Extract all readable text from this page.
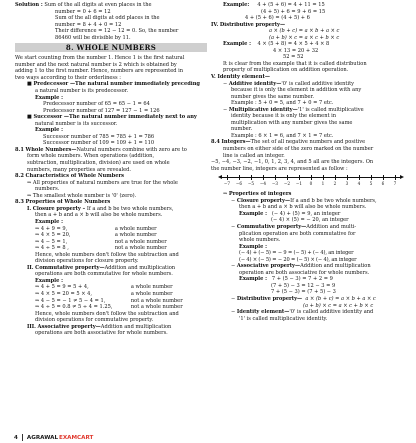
Solution : Sum of the all digits at even places in the
number = 0 + 6 = 12
Sum of the all digits at odd places in the
number = 8 + 4 + 0 = 12
Their difference = 12 − 12 = 0. So, the number
86460 will be divisible by 11.
8. WHOLE NUMBERS
We start counting from the number 1. Hence 1 is the first natural
number and the next natural number is 2 which is obtained by
adding 1 to the first number. Hence, numbers are represented in
two ways according to their orderliness :
■ Predecessor —The natural number immediately preceding
a natural number is its predecessor.
Example :
Predecessor number of 65 = 65 − 1 = 64
Predecessor number of 127 = 127 − 1 = 126
■ Successor —The natural number immediately next to any
natural number is its successor.
Example :
Successor number of 785 = 785 + 1 = 786
Successor number of 109 = 109 + 1 = 110
8.1 Whole Numbers—Natural numbers combine with zero are to
form whole numbers. When operations (addition,
subtraction, multiplication, division) are used on whole
numbers, many properties are revealed.
8.2 Characteristics of Whole Numbers
⇒ All properties of natural numbers are true for the whole
numbers.
⇒ The smallest whole number is '0' (zero).
8.3 Properties of Whole Numbers
I. Closure property – If a and b be two whole numbers,
then a + b and a × b will also be whole numbers.
Example :
⇒ 4 + 9 = 9,	a whole number
⇒ 4 × 5 = 20,	a whole number
⇒ 4 − 5 = 1,	not a whole number
⇒ 4 ÷ 5 = 8 ,	not a whole number
Hence, whole numbers don't follow the subtraction and
division operations for closure property.
II. Commutative property—Addition and multiplication
operations are both commutative for whole numbers.
Example :
⇒ 4 + 5 = 9 = 5 + 4,	a whole number
⇒ 4 × 5 = 20 = 5 × 4,	a whole number
⇒ 4 − 5 = − 1 ≠ 5 − 4 = 1,	not a whole number
⇒ 4 ÷ 5 = 0.8 ≠ 5 ÷ 4 = 1.25,	not a whole number
Hence, whole numbers don't follow the subtraction and
division operations for commutative property.
III. Associative property—Addition and multiplication
operations are both associative for whole numbers.
Example: 4 + (5 + 6) = 4 + 11 = 15
(4 + 5) + 6 = 9 + 6 = 15
4 + (5 + 6) = (4 + 5) + 6
IV. Distributive property—
a × (b + c) = a × b + a × c
(a + b) × c = a × c + b × c
Example : 4 × (5 + 8) = 4 × 5 + 4 × 8
4 × 13 = 20 + 32
52 = 52
It is clear from the example that it is called distribution
property of multiplication on addition operation.
V. Identity element—
− Additive identity—'0' is called additive identity
because it is only the element in addition with any
number gives the same number.
Example : 5 + 0 = 5, and 7 + 0 = 7 etc.
− Multiplicative identity—'1' is called multiplicative
identity because it is only the element in
multiplication with any number gives the same
number.
Example : 6 × 1 = 6, and 7 × 1 = 7 etc.
8.4 Integers—The set of all negative numbers and positive
numbers on either side of the zero marked on the number
line is called an integer.
−5, −4, −3, −2, −1, 0, 1, 2, 3, 4, and 5 all are the integers. On
the number line, integers are represented as follow :
−7 −6 −5 −4 −3 −2 −1 0 1 2 3 4 5 6 7
⇒ Properties of integers
− Closure property—If a and b be two whole numbers,
then a + b and a × b will also be whole numbers.
Example : (− 4) + (5) = 9, an integer
(− 4) × (5) = − 20, an integer
− Commutative property—Addition and multi-
plication operation are both commutative for
whole numbers.
Example :
(− 4) + (− 5) = − 9 = (− 5) + (− 4), an integer
(− 4) × (− 5) = − 20 = (− 5) × (− 4), an integer
− Associative property—Addition and multiplication
operation are both associative for whole numbers.
Example : 7 + (5 − 3) = 7 + 2 = 9
(7 + 5) − 3 = 12 − 3 = 9
7 + (5 − 3) = (7 + 5) − 3
− Distributive property— a × (b + c) = a × b + a × c
(a + b) × c = a × c + b × c
− Identity element—'0' is called additive identity and
'1' is called multiplicative identity.
4 AGRAWAL EXAMCART
